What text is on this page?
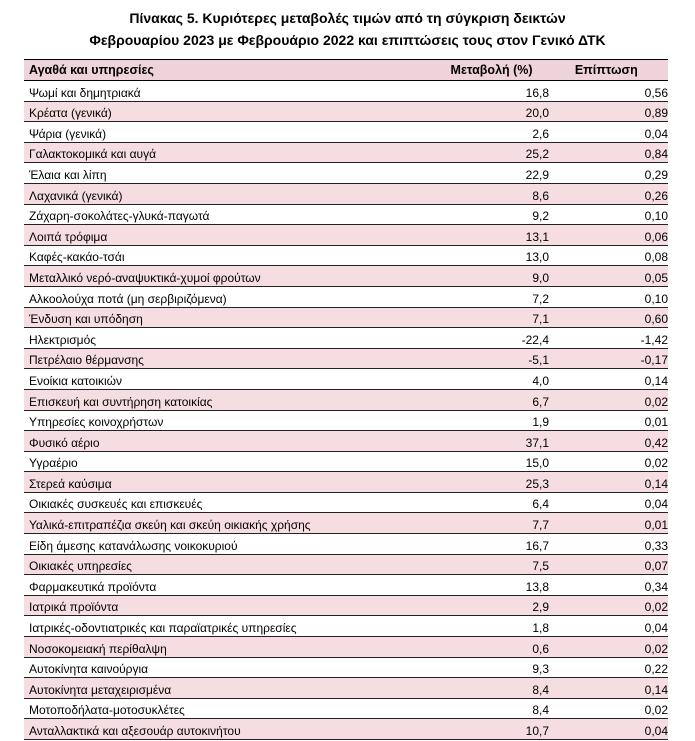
Πίνακας 5. Κυριότερες μεταβολές τιμών από τη σύγκριση δεικτών
Φεβρουαρίου 2023 με Φεβρουάριο 2022 και επιπτώσεις τους στον Γενικό ΔΤΚ
Αγαθά και υπηρεσίες	Μεταβολή (%)	Επίπτωση
Ψωμί και δημητριακά	16,8	0,56
Κρέατα (γενικά)	20,0	0,89
Ψάρια (γενικά)	2,6	0,04
Γαλακτοκομικά και αυγά	25,2	0,84
Έλαια και λίπη	22,9	0,29
Λαχανικά (γενικά)	8,6	0,26
Ζάχαρη-σοκολάτες-γλυκά-παγωτά	9,2	0,10
Λοιπά τρόφιμα	13,1	0,06
Καφές-κακάο-τσάι	13,0	0,08
Μεταλλικό νερό-αναψυκτικά-χυμοί φρούτων	9,0	0,05
Αλκοολούχα ποτά (μη σερβιριζόμενα)	7,2	0,10
Ένδυση και υπόδηση	7,1	0,60
Ηλεκτρισμός	-22,4	-1,42
Πετρέλαιο θέρμανσης	-5,1	-0,17
Ενοίκια κατοικιών	4,0	0,14
Επισκευή και συντήρηση κατοικίας	6,7	0,02
Υπηρεσίες κοινοχρήστων	1,9	0,01
Φυσικό αέριο	37,1	0,42
Υγραέριο	15,0	0,02
Στερεά καύσιμα	25,3	0,14
Οικιακές συσκευές και επισκευές	6,4	0,04
Υαλικά-επιτραπέζια σκεύη και σκεύη οικιακής χρήσης	7,7	0,01
Είδη άμεσης κατανάλωσης νοικοκυριού	16,7	0,33
Οικιακές υπηρεσίες	7,5	0,07
Φαρμακευτικά προϊόντα	13,8	0,34
Ιατρικά προϊόντα	2,9	0,02
Ιατρικές-οδοντιατρικές και παραϊατρικές υπηρεσίες	1,8	0,04
Νοσοκομειακή περίθαλψη	0,6	0,02
Αυτοκίνητα καινούργια	9,3	0,22
Αυτοκίνητα μεταχειρισμένα	8,4	0,14
Μοτοποδήλατα-μοτοσυκλέτες	8,4	0,02
Ανταλλακτικά και αξεσουάρ αυτοκινήτου	10,7	0,04
